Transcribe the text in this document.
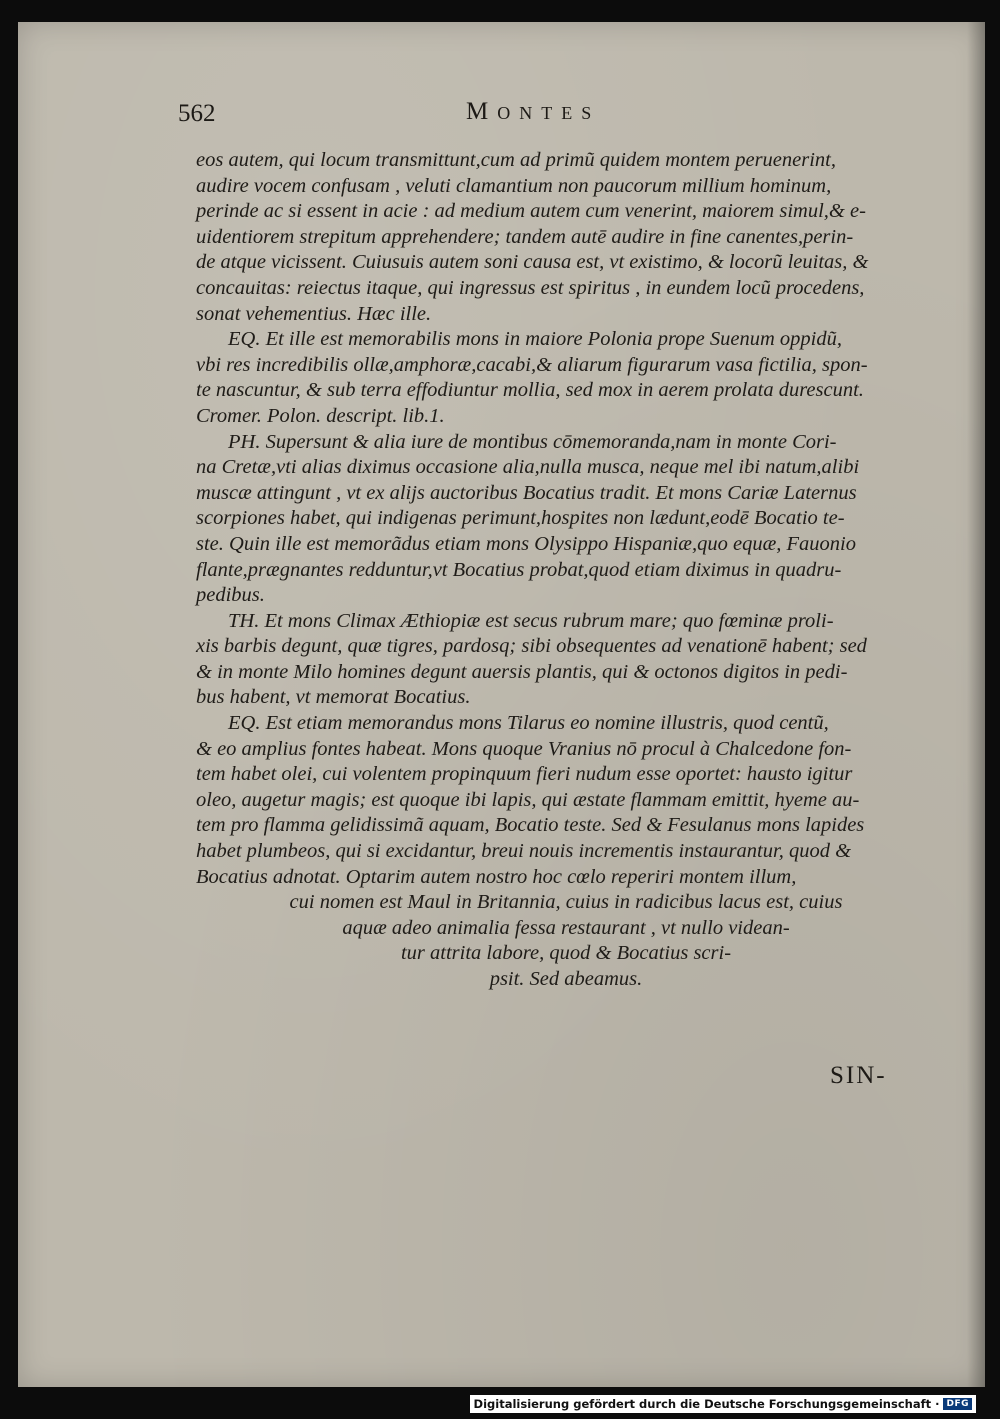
562	Montes
eos autem, qui locum transmittunt,cum ad primũ quidem montem peruenerint,
audire vocem confusam , veluti clamantium non paucorum millium hominum,
perinde ac si essent in acie : ad medium autem cum venerint, maiorem simul,& e-
uidentiorem strepitum apprehendere; tandem autē audire in fine canentes,perin-
de atque vicissent. Cuiusuis autem soni causa est, vt existimo, & locorũ leuitas, &
concauitas: reiectus itaque, qui ingressus est spiritus , in eundem locũ procedens,
sonat vehementius. Hæc ille.
EQ. Et ille est memorabilis mons in maiore Polonia prope Suenum oppidũ,
vbi res incredibilis ollæ,amphoræ,cacabi,& aliarum figurarum vasa fictilia, spon-
te nascuntur, & sub terra effodiuntur mollia, sed mox in aerem prolata durescunt.
Cromer. Polon. descript. lib.1.
PH. Supersunt & alia iure de montibus cōmemoranda,nam in monte Cori-
na Cretæ,vti alias diximus occasione alia,nulla musca, neque mel ibi natum,alibi
muscæ attingunt , vt ex alijs auctoribus Bocatius tradit. Et mons Cariæ Laternus
scorpiones habet, qui indigenas perimunt,hospites non lædunt,eodē Bocatio te-
ste. Quin ille est memorãdus etiam mons Olysippo Hispaniæ,quo equæ, Fauonio
flante,prægnantes redduntur,vt Bocatius probat,quod etiam diximus in quadru-
pedibus.
TH. Et mons Climax Æthiopiæ est secus rubrum mare; quo fœminæ proli-
xis barbis degunt, quæ tigres, pardosq; sibi obsequentes ad venationē habent; sed
& in monte Milo homines degunt auersis plantis, qui & octonos digitos in pedi-
bus habent, vt memorat Bocatius.
EQ. Est etiam memorandus mons Tilarus eo nomine illustris, quod centũ,
& eo amplius fontes habeat. Mons quoque Vranius nō procul à Chalcedone fon-
tem habet olei, cui volentem propinquum fieri nudum esse oportet: hausto igitur
oleo, augetur magis; est quoque ibi lapis, qui æstate flammam emittit, hyeme au-
tem pro flamma gelidissimã aquam, Bocatio teste. Sed & Fesulanus mons lapides
habet plumbeos, qui si excidantur, breui nouis incrementis instaurantur, quod &
Bocatius adnotat. Optarim autem nostro hoc cœlo reperiri montem illum,
cui nomen est Maul in Britannia, cuius in radicibus lacus est, cuius
aquæ adeo animalia fessa restaurant , vt nullo videan-
tur attrita labore, quod & Bocatius scri-
psit. Sed abeamus.
SIN-
Digitalisierung gefördert durch die Deutsche Forschungsgemeinschaft · DFG
